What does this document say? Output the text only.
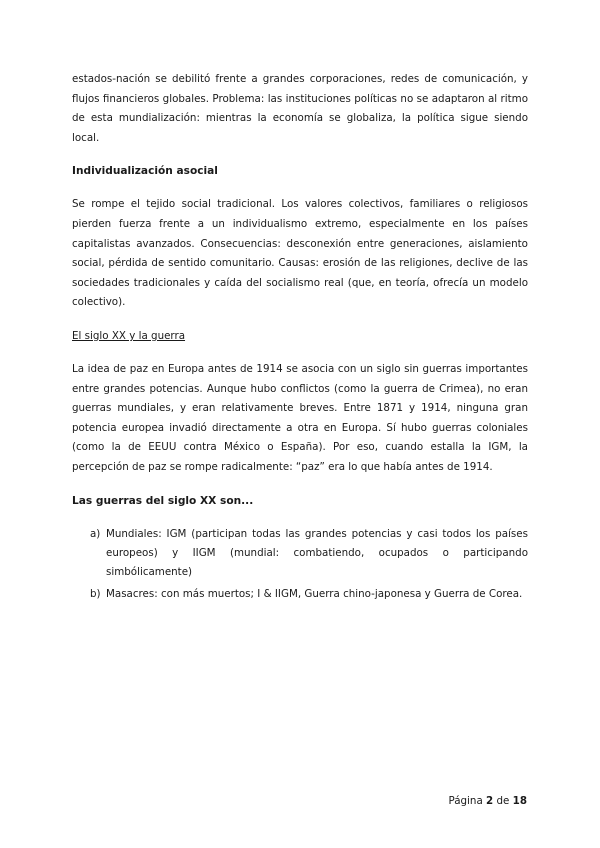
estados-nación se debilitó frente a grandes corporaciones, redes de comunicación, y flujos financieros globales. Problema: las instituciones políticas no se adaptaron al ritmo de esta mundialización: mientras la economía se globaliza, la política sigue siendo local.

Individualización asocial

Se rompe el tejido social tradicional. Los valores colectivos, familiares o religiosos pierden fuerza frente a un individualismo extremo, especialmente en los países capitalistas avanzados. Consecuencias: desconexión entre generaciones, aislamiento social, pérdida de sentido comunitario. Causas: erosión de las religiones, declive de las sociedades tradicionales y caída del socialismo real (que, en teoría, ofrecía un modelo colectivo).

El siglo XX y la guerra

La idea de paz en Europa antes de 1914 se asocia con un siglo sin guerras importantes entre grandes potencias. Aunque hubo conflictos (como la guerra de Crimea), no eran guerras mundiales, y eran relativamente breves. Entre 1871 y 1914, ninguna gran potencia europea invadió directamente a otra en Europa. Sí hubo guerras coloniales (como la de EEUU contra México o España). Por eso, cuando estalla la IGM, la percepción de paz se rompe radicalmente: “paz” era lo que había antes de 1914.

Las guerras del siglo XX son...
a) Mundiales: IGM (participan todas las grandes potencias y casi todos los países europeos) y IIGM (mundial: combatiendo, ocupados o participando simbólicamente)
b) Masacres: con más muertos; I & IIGM, Guerra chino-japonesa y Guerra de Corea.
Página 2 de 18
